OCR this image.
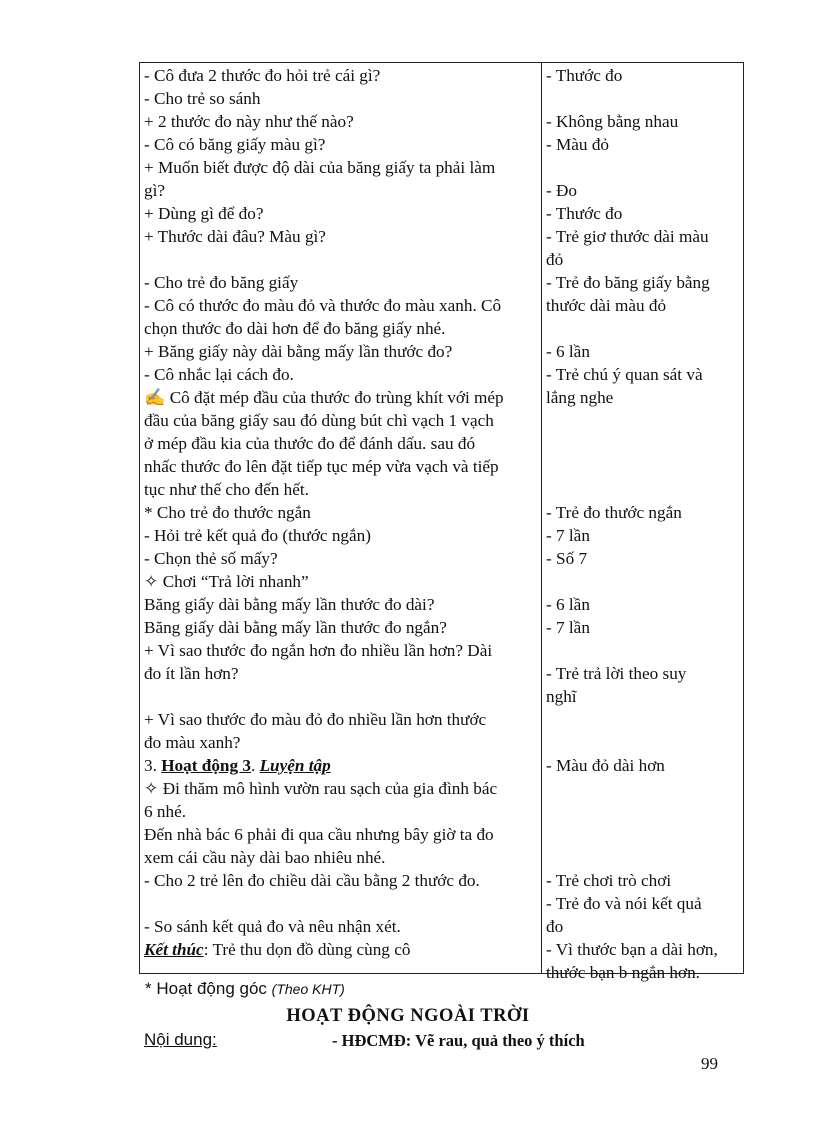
- Cô đưa 2 thước đo hỏi trẻ cái gì?
- Cho trẻ so sánh
+ 2 thước đo này như thế nào?
- Cô có băng giấy màu gì?
+ Muốn biết được độ dài của băng giấy ta phải làm
gì?
+ Dùng gì để đo?
+ Thước dài đâu? Màu gì?
- Cho trẻ đo băng giấy
- Cô có thước đo màu đỏ và thước đo màu xanh. Cô
chọn thước đo dài hơn để đo băng giấy nhé.
+ Băng giấy này dài bằng mấy lần thước đo?
- Cô nhắc lại cách đo.
✍ Cô đặt mép đầu của thước đo trùng khít với mép
đầu của băng giấy sau đó dùng bút chì vạch 1 vạch
ở mép đầu kia của thước đo để đánh dấu. sau đó
nhấc thước đo lên đặt tiếp tục mép vừa vạch và tiếp
tục như thế cho đến hết.
* Cho trẻ đo thước ngắn
- Hỏi trẻ kết quả đo (thước ngắn)
- Chọn thẻ số mấy?
✧ Chơi “Trả lời nhanh”
Băng giấy dài bằng mấy lần thước đo dài?
Băng giấy dài bằng mấy lần thước đo ngắn?
+ Vì sao thước đo ngắn hơn đo nhiều lần hơn? Dài
đo ít lần hơn?
+ Vì sao thước đo màu đỏ đo nhiều lần hơn thước
đo màu xanh?
3. Hoạt động 3. Luyện tập
✧ Đi thăm mô hình vườn rau sạch của gia đình bác
6 nhé.
Đến nhà bác 6 phải đi qua cầu nhưng bây giờ ta đo
xem cái cầu này dài bao nhiêu nhé.
- Cho 2 trẻ lên đo chiều dài cầu bằng 2 thước đo.
- So sánh kết quả đo và nêu nhận xét.
Kết thúc: Trẻ thu dọn đồ dùng cùng cô
- Thước đo
- Không bằng nhau
- Màu đỏ
- Đo
- Thước đo
- Trẻ giơ thước dài màu
đỏ
- Trẻ đo băng giấy bằng
thước dài màu đỏ
- 6 lần
- Trẻ chú ý quan sát và
lắng nghe
- Trẻ đo thước ngắn
- 7 lần
- Số 7
- 6 lần
- 7 lần
- Trẻ trả lời theo suy
nghĩ
- Màu đỏ dài hơn
- Trẻ chơi trò chơi
- Trẻ đo và nói kết quả
đo
- Vì thước bạn a dài hơn,
thước bạn b ngắn hơn.
* Hoạt động góc (Theo KHT)
HOẠT ĐỘNG NGOÀI TRỜI
Nội dung:	- HĐCMĐ: Vẽ rau, quả theo ý thích
99
